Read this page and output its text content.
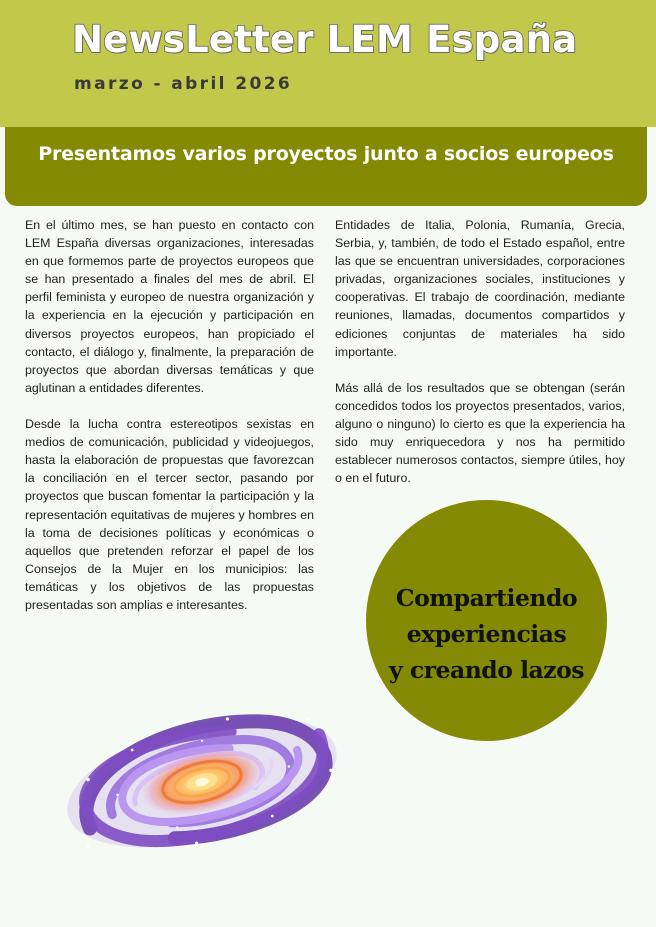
NewsLetter LEM España
marzo - abril 2026
Presentamos varios proyectos junto a socios europeos

En el último mes, se han puesto en contacto con LEM España diversas organizaciones, interesadas en que formemos parte de proyectos europeos que se han presentado a finales del mes de abril. El perfil feminista y europeo de nuestra organización y la experiencia en la ejecución y participación en diversos proyectos europeos, han propiciado el contacto, el diálogo y, finalmente, la preparación de proyectos que abordan diversas temáticas y que aglutinan a entidades diferentes.

Desde la lucha contra estereotipos sexistas en medios de comunicación, publicidad y videojuegos, hasta la elaboración de propuestas que favorezcan la conciliación en el tercer sector, pasando por proyectos que buscan fomentar la participación y la representación equitativas de mujeres y hombres en la toma de decisiones políticas y económicas o aquellos que pretenden reforzar el papel de los Consejos de la Mujer en los municipios: las temáticas y los objetivos de las propuestas presentadas son amplias e interesantes.

Entidades de Italia, Polonia, Rumanía, Grecia, Serbia, y, también, de todo el Estado español, entre las que se encuentran universidades, corporaciones privadas, organizaciones sociales, instituciones y cooperativas. El trabajo de coordinación, mediante reuniones, llamadas, documentos compartidos y ediciones conjuntas de materiales ha sido importante.

Más allá de los resultados que se obtengan (serán concedidos todos los proyectos presentados, varios, alguno o ninguno) lo cierto es que la experiencia ha sido muy enriquecedora y nos ha permitido establecer numerosos contactos, siempre útiles, hoy o en el futuro.

Compartiendo
experiencias
y creando lazos
